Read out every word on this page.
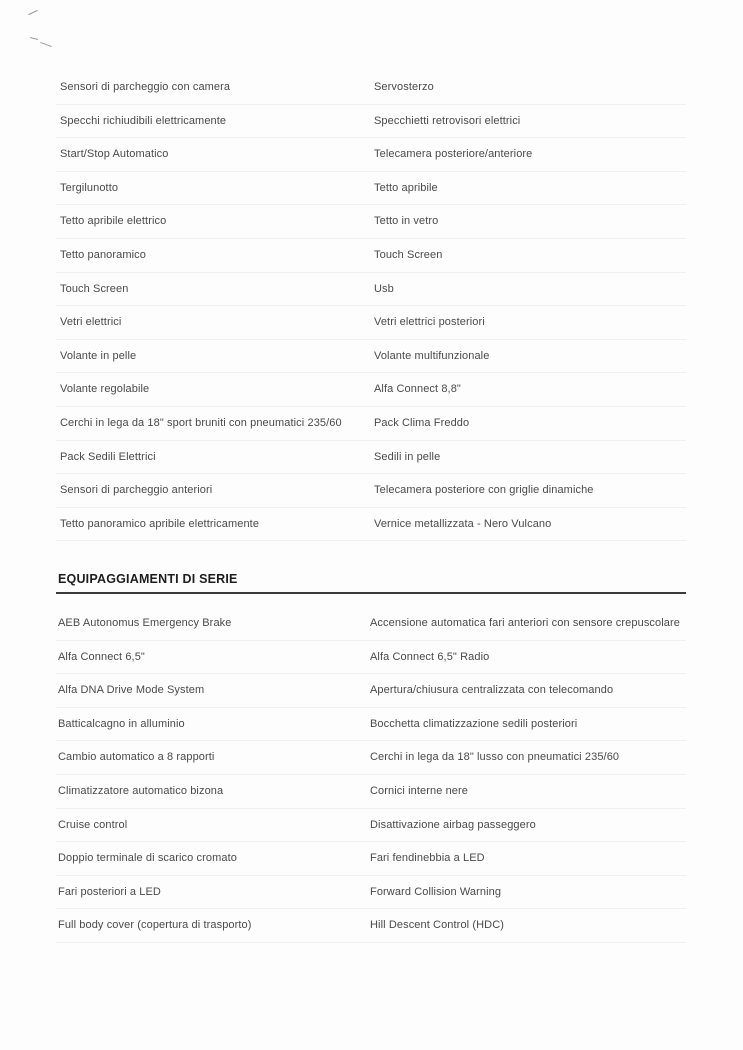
Sensori di parcheggio con camera	Servosterzo
Specchi richiudibili elettricamente	Specchietti retrovisori elettrici
Start/Stop Automatico	Telecamera posteriore/anteriore
Tergilunotto	Tetto apribile
Tetto apribile elettrico	Tetto in vetro
Tetto panoramico	Touch Screen
Touch Screen	Usb
Vetri elettrici	Vetri elettrici posteriori
Volante in pelle	Volante multifunzionale
Volante regolabile	Alfa Connect 8,8"
Cerchi in lega da 18" sport bruniti con pneumatici 235/60	Pack Clima Freddo
Pack Sedili Elettrici	Sedili in pelle
Sensori di parcheggio anteriori	Telecamera posteriore con griglie dinamiche
Tetto panoramico apribile elettricamente	Vernice metallizzata - Nero Vulcano
EQUIPAGGIAMENTI DI SERIE
AEB Autonomus Emergency Brake	Accensione automatica fari anteriori con sensore crepuscolare
Alfa Connect 6,5"	Alfa Connect 6,5" Radio
Alfa DNA Drive Mode System	Apertura/chiusura centralizzata con telecomando
Batticalcagno in alluminio	Bocchetta climatizzazione sedili posteriori
Cambio automatico a 8 rapporti	Cerchi in lega da 18" lusso con pneumatici 235/60
Climatizzatore automatico bizona	Cornici interne nere
Cruise control	Disattivazione airbag passeggero
Doppio terminale di scarico cromato	Fari fendinebbia a LED
Fari posteriori a LED	Forward Collision Warning
Full body cover (copertura di trasporto)	Hill Descent Control (HDC)
